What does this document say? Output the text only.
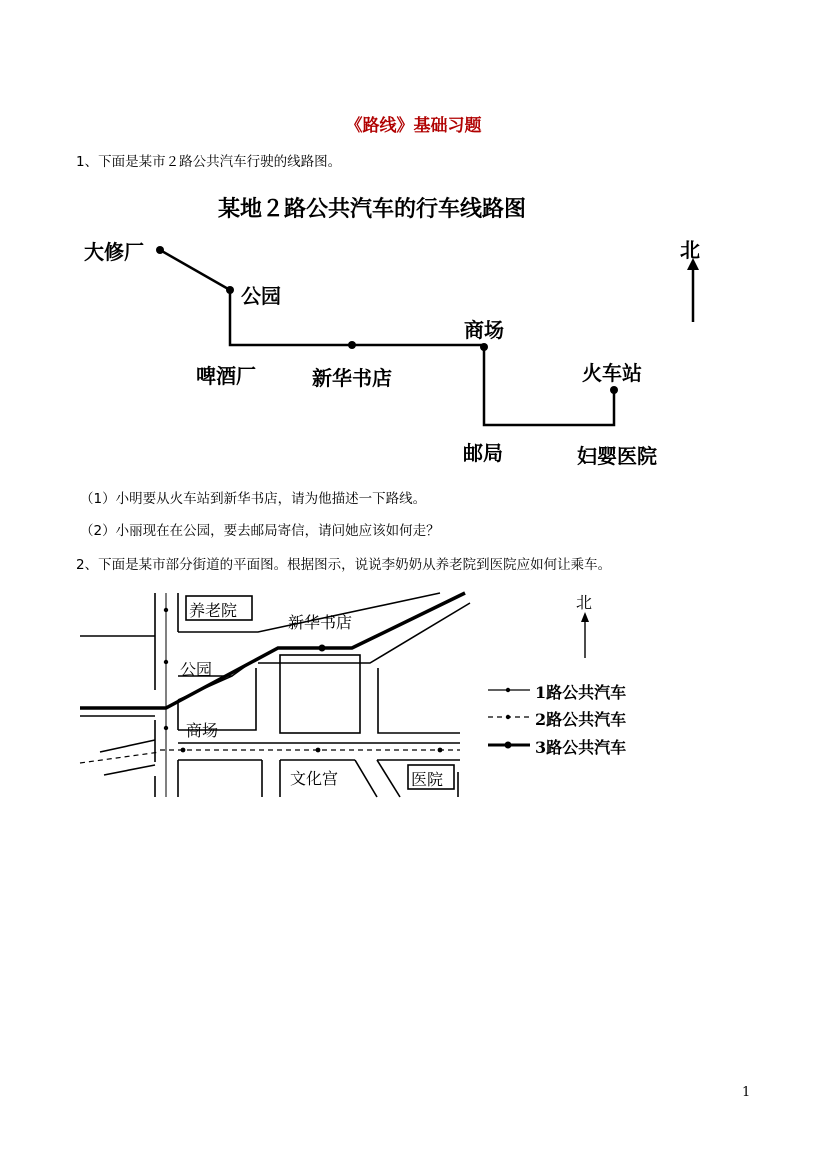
《路线》基础习题
1、下面是某市２路公共汽车行驶的线路图。
某地２路公共汽车的行车线路图
北
大修厂
公园
啤酒厂	新华书店
商场
火车站
邮局	妇婴医院
（1）小明要从火车站到新华书店，请为他描述一下路线。
（2）小丽现在在公园，要去邮局寄信，请问她应该如何走？
2、下面是某市部分街道的平面图。根据图示，说说李奶奶从养老院到医院应如何让乘车。
养老院
新华书店
公园
商场
文化宫	医院
北
1路公共汽车
2路公共汽车
3路公共汽车
1
